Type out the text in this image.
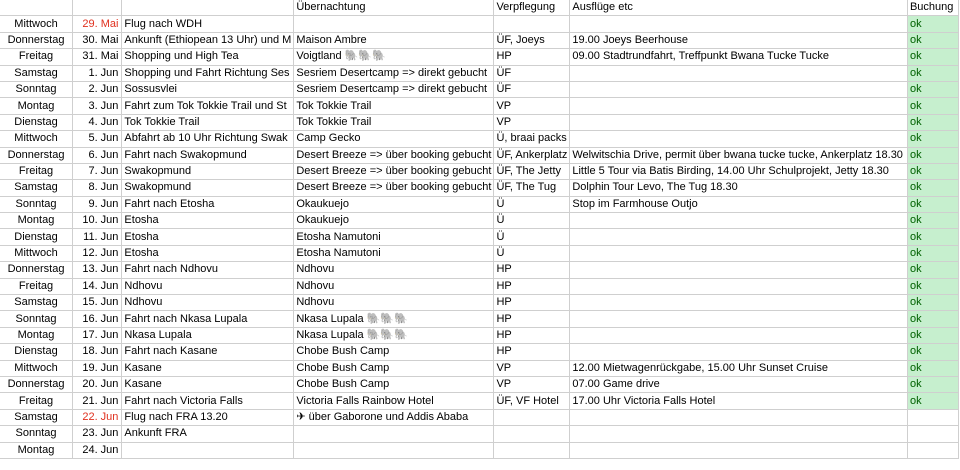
			Übernachtung	Verpflegung	Ausflüge etc	Buchung
Mittwoch	29. Mai	Flug nach WDH				ok
Donnerstag	30. Mai	Ankunft (Ethiopean 13 Uhr) und M	Maison Ambre	ÜF, Joeys	19.00 Joeys Beerhouse	ok
Freitag	31. Mai	Shopping und High Tea	Voigtland 🐘🐘🐘	HP	09.00 Stadtrundfahrt, Treffpunkt Bwana Tucke Tucke	ok
Samstag	1. Jun	Shopping und Fahrt Richtung Ses	Sesriem Desertcamp => direkt gebucht	ÜF		ok
Sonntag	2. Jun	Sossusvlei	Sesriem Desertcamp => direkt gebucht	ÜF		ok
Montag	3. Jun	Fahrt zum Tok Tokkie Trail und St	Tok Tokkie Trail	VP		ok
Dienstag	4. Jun	Tok Tokkie Trail	Tok Tokkie Trail	VP		ok
Mittwoch	5. Jun	Abfahrt ab 10 Uhr Richtung Swak	Camp Gecko	Ü, braai packs		ok
Donnerstag	6. Jun	Fahrt nach Swakopmund	Desert Breeze => über booking gebucht	ÜF, Ankerplatz	Welwitschia Drive, permit über bwana tucke tucke, Ankerplatz 18.30	ok
Freitag	7. Jun	Swakopmund	Desert Breeze => über booking gebucht	ÜF, The Jetty	Little 5 Tour via Batis Birding, 14.00 Uhr Schulprojekt, Jetty 18.30	ok
Samstag	8. Jun	Swakopmund	Desert Breeze => über booking gebucht	ÜF, The Tug	Dolphin Tour Levo, The Tug 18.30	ok
Sonntag	9. Jun	Fahrt nach Etosha	Okaukuejo	Ü	Stop im Farmhouse Outjo	ok
Montag	10. Jun	Etosha	Okaukuejo	Ü		ok
Dienstag	11. Jun	Etosha	Etosha Namutoni	Ü		ok
Mittwoch	12. Jun	Etosha	Etosha Namutoni	Ü		ok
Donnerstag	13. Jun	Fahrt nach Ndhovu	Ndhovu	HP		ok
Freitag	14. Jun	Ndhovu	Ndhovu	HP		ok
Samstag	15. Jun	Ndhovu	Ndhovu	HP		ok
Sonntag	16. Jun	Fahrt nach Nkasa Lupala	Nkasa Lupala 🐘🐘🐘	HP		ok
Montag	17. Jun	Nkasa Lupala	Nkasa Lupala 🐘🐘🐘	HP		ok
Dienstag	18. Jun	Fahrt nach Kasane	Chobe Bush Camp	HP		ok
Mittwoch	19. Jun	Kasane	Chobe Bush Camp	VP	12.00 Mietwagenrückgabe, 15.00 Uhr Sunset Cruise	ok
Donnerstag	20. Jun	Kasane	Chobe Bush Camp	VP	07.00 Game drive	ok
Freitag	21. Jun	Fahrt nach Victoria Falls	Victoria Falls Rainbow Hotel	ÜF, VF Hotel	17.00 Uhr Victoria Falls Hotel	ok
Samstag	22. Jun	Flug nach FRA 13.20	✈ über Gaborone und Addis Ababa			
Sonntag	23. Jun	Ankunft FRA				
Montag	24. Jun					
